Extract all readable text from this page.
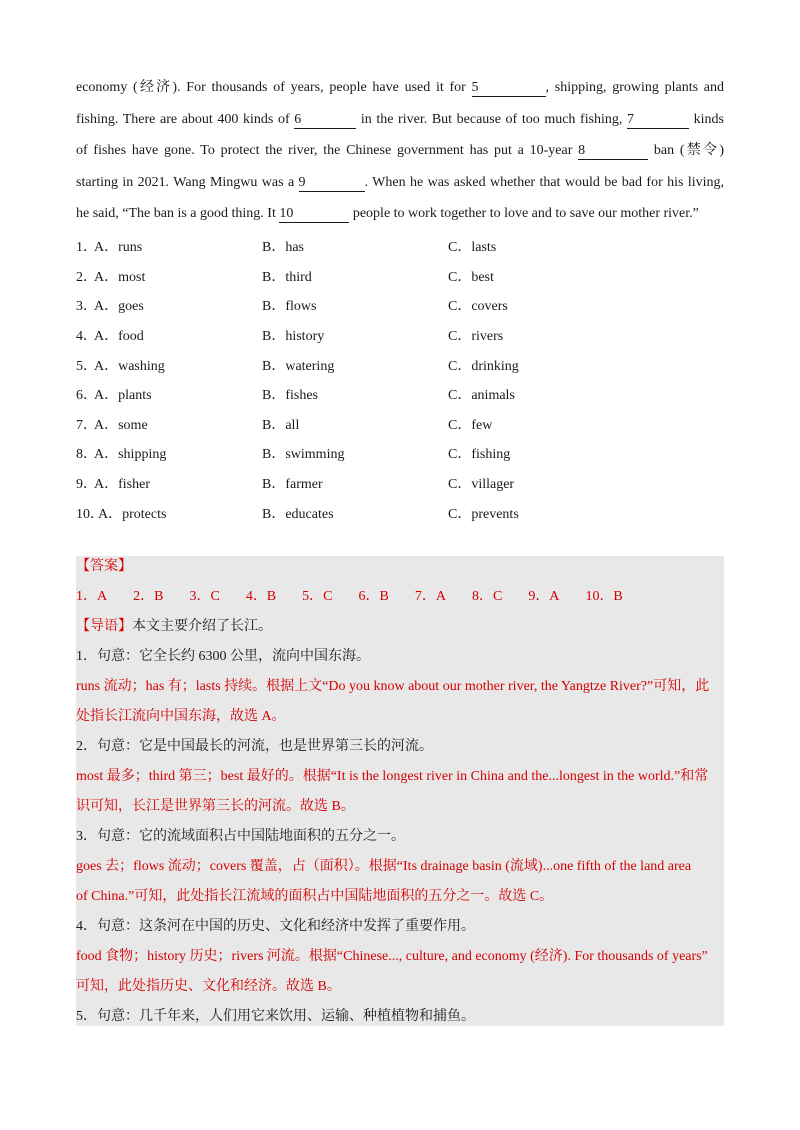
economy (经济). For thousands of years, people have used it for 5	, shipping, growing plants and

fishing. There are about 400 kinds of 6	in the river. But because of too much fishing, 7	kinds

of fishes have gone. To protect the river, the Chinese government has put a 10-year 8	ban (禁令)

starting in 2021. Wang Mingwu was a 9	. When he was asked whether that would be bad for his living,

he said, “The ban is a good thing. It 10	people to work together to love and to save our mother river.”

1．
A．runs	B．has	C．lasts
2．
A．most	B．third	C．best
3．
A．goes	B．flows	C．covers
4．
A．food	B．history	C．rivers
5．
A．washing	B．watering	C．drinking
6．
A．plants	B．fishes	C．animals
7．
A．some	B．all	C．few
8．
A．shipping	B．swimming	C．fishing
9．
A．fisher	B．farmer	C．villager
10．
A．protects	B．educates	C．prevents
【答案】
1．A 2．B 3．C 4．B 5．C 6．B 7．A 8．C 9．A 10．B
【导语】本文主要介绍了长江。
1．句意：它全长约 6300 公里，流向中国东海。
runs 流动；has 有；lasts 持续。根据上文“Do you know about our mother river, the Yangtze River?”可知，此
处指长江流向中国东海，故选 A。
2．句意：它是中国最长的河流，也是世界第三长的河流。
most 最多；third 第三；best 最好的。根据“It is the longest river in China and the...longest in the world.”和常
识可知，长江是世界第三长的河流。故选 B。
3．句意：它的流域面积占中国陆地面积的五分之一。
goes 去；flows 流动；covers 覆盖，占（面积）。根据“Its drainage basin (流域)...one fifth of the land area
of China.”可知，此处指长江流域的面积占中国陆地面积的五分之一。故选 C。
4．句意：这条河在中国的历史、文化和经济中发挥了重要作用。
food 食物；history 历史；rivers 河流。根据“Chinese..., culture, and economy (经济). For thousands of years”
可知，此处指历史、文化和经济。故选 B。
5．句意：几千年来，人们用它来饮用、运输、种植植物和捕鱼。
